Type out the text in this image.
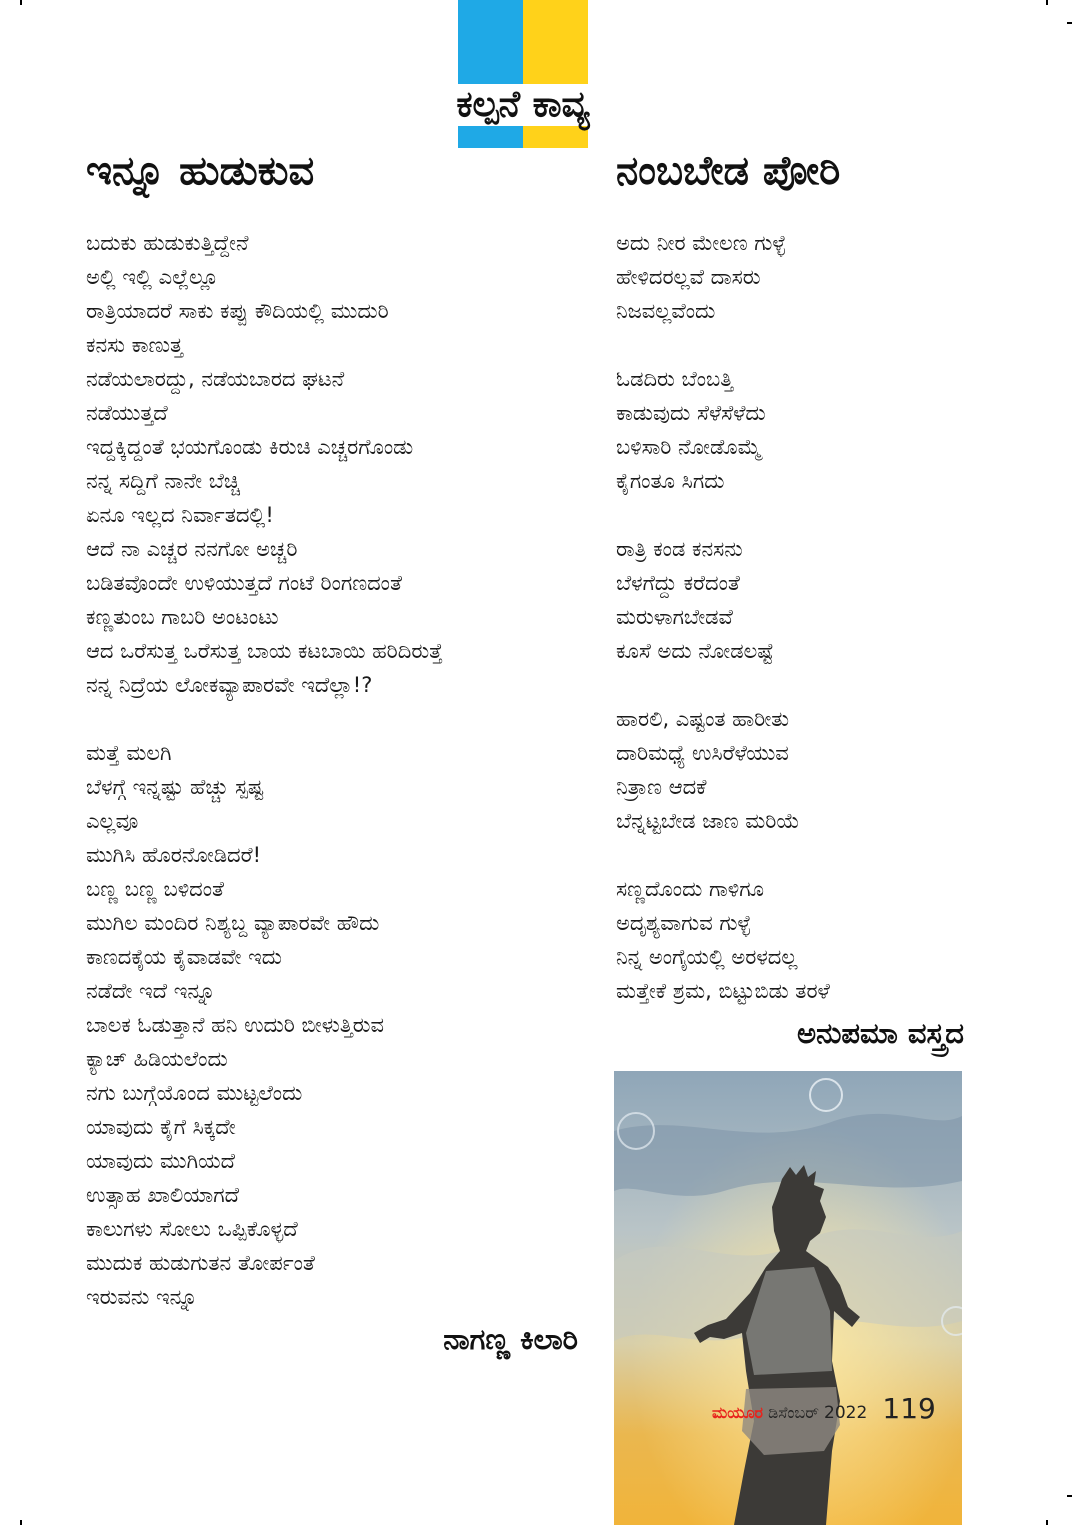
ಕಲ್ಪನೆ ಕಾವ್ಯ
ಇನ್ನೂ ಹುಡುಕುವ
ಬದುಕು ಹುಡುಕುತ್ತಿದ್ದೇನೆ
ಅಲ್ಲಿ ಇಲ್ಲಿ ಎಲ್ಲೆಲ್ಲೂ
ರಾತ್ರಿಯಾದರೆ ಸಾಕು ಕಪ್ಪು ಕೌದಿಯಲ್ಲಿ ಮುದುರಿ
ಕನಸು ಕಾಣುತ್ತ
ನಡೆಯಲಾರದ್ದು, ನಡೆಯಬಾರದ ಘಟನೆ
ನಡೆಯುತ್ತದೆ
ಇದ್ದಕ್ಕಿದ್ದಂತೆ ಭಯಗೊಂಡು ಕಿರುಚಿ ಎಚ್ಚರಗೊಂಡು
ನನ್ನ ಸದ್ದಿಗೆ ನಾನೇ ಬೆಚ್ಚಿ
ಏನೂ ಇಲ್ಲದ ನಿರ್ವಾತದಲ್ಲಿ!
ಆದೆ ನಾ ಎಚ್ಚರ ನನಗೋ ಅಚ್ಚರಿ
ಬಡಿತವೊಂದೇ ಉಳಿಯುತ್ತದೆ ಗಂಟೆ ರಿಂಗಣದಂತೆ
ಕಣ್ಣತುಂಬ ಗಾಬರಿ ಅಂಟಂಟು
ಆದ ಒರೆಸುತ್ತ ಒರೆಸುತ್ತ ಬಾಯ ಕಟಬಾಯಿ ಹರಿದಿರುತ್ತೆ
ನನ್ನ ನಿದ್ರೆಯ ಲೋಕವ್ಯಾಪಾರವೇ ಇದೆಲ್ಲಾ!?
ಮತ್ತೆ ಮಲಗಿ
ಬೆಳಗ್ಗೆ ಇನ್ನಷ್ಟು ಹೆಚ್ಚು ಸ್ಪಷ್ಟ
ಎಲ್ಲವೂ
ಮುಗಿಸಿ ಹೊರನೋಡಿದರೆ!
ಬಣ್ಣ ಬಣ್ಣ ಬಳಿದಂತೆ
ಮುಗಿಲ ಮಂದಿರ ನಿಶ್ಯಬ್ದ ವ್ಯಾಪಾರವೇ ಹೌದು
ಕಾಣದಕೈಯ ಕೈವಾಡವೇ ಇದು
ನಡೆದೇ ಇದೆ ಇನ್ನೂ
ಬಾಲಕ ಓಡುತ್ತಾನೆ ಹನಿ ಉದುರಿ ಬೀಳುತ್ತಿರುವ
ಕ್ಯಾಚ್ ಹಿಡಿಯಲೆಂದು
ನಗು ಬುಗ್ಗೆಯೊಂದ ಮುಟ್ಟಲೆಂದು
ಯಾವುದು ಕೈಗೆ ಸಿಕ್ಕದೇ
ಯಾವುದು ಮುಗಿಯದೆ
ಉತ್ಸಾಹ ಖಾಲಿಯಾಗದೆ
ಕಾಲುಗಳು ಸೋಲು ಒಪ್ಪಿಕೊಳ್ಳದೆ
ಮುದುಕ ಹುಡುಗುತನ ತೋರ್ಪಂತೆ
ಇರುವನು ಇನ್ನೂ
ನಾಗಣ್ಣ ಕಿಲಾರಿ
ನಂಬಬೇಡ ಪೋರಿ
ಅದು ನೀರ ಮೇಲಣ ಗುಳ್ಳೆ
ಹೇಳಿದರಲ್ಲವೆ ದಾಸರು
ನಿಜವಲ್ಲವೆಂದು
ಓಡದಿರು ಬೆಂಬತ್ತಿ
ಕಾಡುವುದು ಸೆಳೆಸೆಳೆದು
ಬಳಿಸಾರಿ ನೋಡೊಮ್ಮೆ
ಕೈಗಂತೂ ಸಿಗದು
ರಾತ್ರಿ ಕಂಡ ಕನಸನು
ಬೆಳಗೆದ್ದು ಕರೆದಂತೆ
ಮರುಳಾಗಬೇಡವೆ
ಕೂಸೆ ಅದು ನೋಡಲಷ್ಟೆ
ಹಾರಲಿ, ಎಷ್ಟಂತ ಹಾರೀತು
ದಾರಿಮಧ್ಯೆ ಉಸಿರೆಳೆಯುವ
ನಿತ್ರಾಣ ಆದಕೆ
ಬೆನ್ನಟ್ಟಬೇಡ ಜಾಣ ಮರಿಯೆ
ಸಣ್ಣದೊಂದು ಗಾಳಿಗೂ
ಅದೃಶ್ಯವಾಗುವ ಗುಳ್ಳೆ
ನಿನ್ನ ಅಂಗೈಯಲ್ಲಿ ಅರಳದಲ್ಲ
ಮತ್ತೇಕೆ ಶ್ರಮ, ಬಿಟ್ಟುಬಿಡು ತರಳೆ
ಅನುಪಮಾ ವಸ್ತ್ರದ
ಮಯೂರ ಡಿಸೆಂಬರ್ 2022 119
